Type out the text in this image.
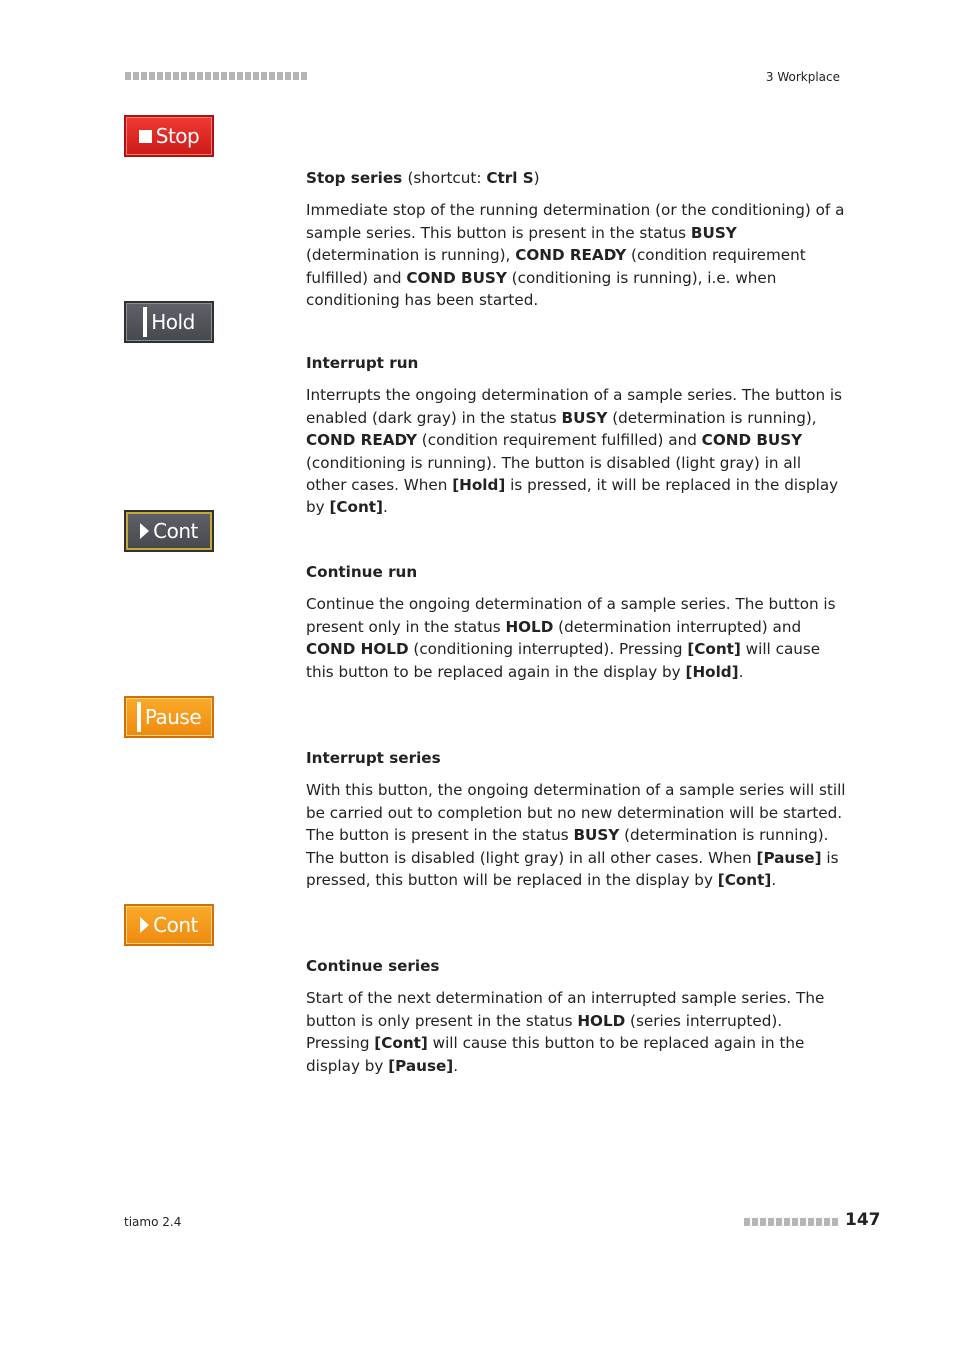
3 Workplace
Stop

Stop series (shortcut: Ctrl S)

Immediate stop of the running determination (or the conditioning) of a sample series. This button is present in the status BUSY (determination is running), COND READY (condition requirement fulfilled) and COND BUSY (conditioning is running), i.e. when conditioning has been started.

Hold

Interrupt run

Interrupts the ongoing determination of a sample series. The button is enabled (dark gray) in the status BUSY (determination is running), COND READY (condition requirement fulfilled) and COND BUSY (conditioning is running). The button is disabled (light gray) in all other cases. When [Hold] is pressed, it will be replaced in the display by [Cont].

Cont

Continue run

Continue the ongoing determination of a sample series. The button is present only in the status HOLD (determination interrupted) and COND HOLD (conditioning interrupted). Pressing [Cont] will cause this button to be replaced again in the display by [Hold].

Pause

Interrupt series

With this button, the ongoing determination of a sample series will still be carried out to completion but no new determination will be started. The button is present in the status BUSY (determination is running). The button is disabled (light gray) in all other cases. When [Pause] is pressed, this button will be replaced in the display by [Cont].

Cont

Continue series

Start of the next determination of an interrupted sample series. The button is only present in the status HOLD (series interrupted). Pressing [Cont] will cause this button to be replaced again in the display by [Pause].

tiamo 2.4	147
